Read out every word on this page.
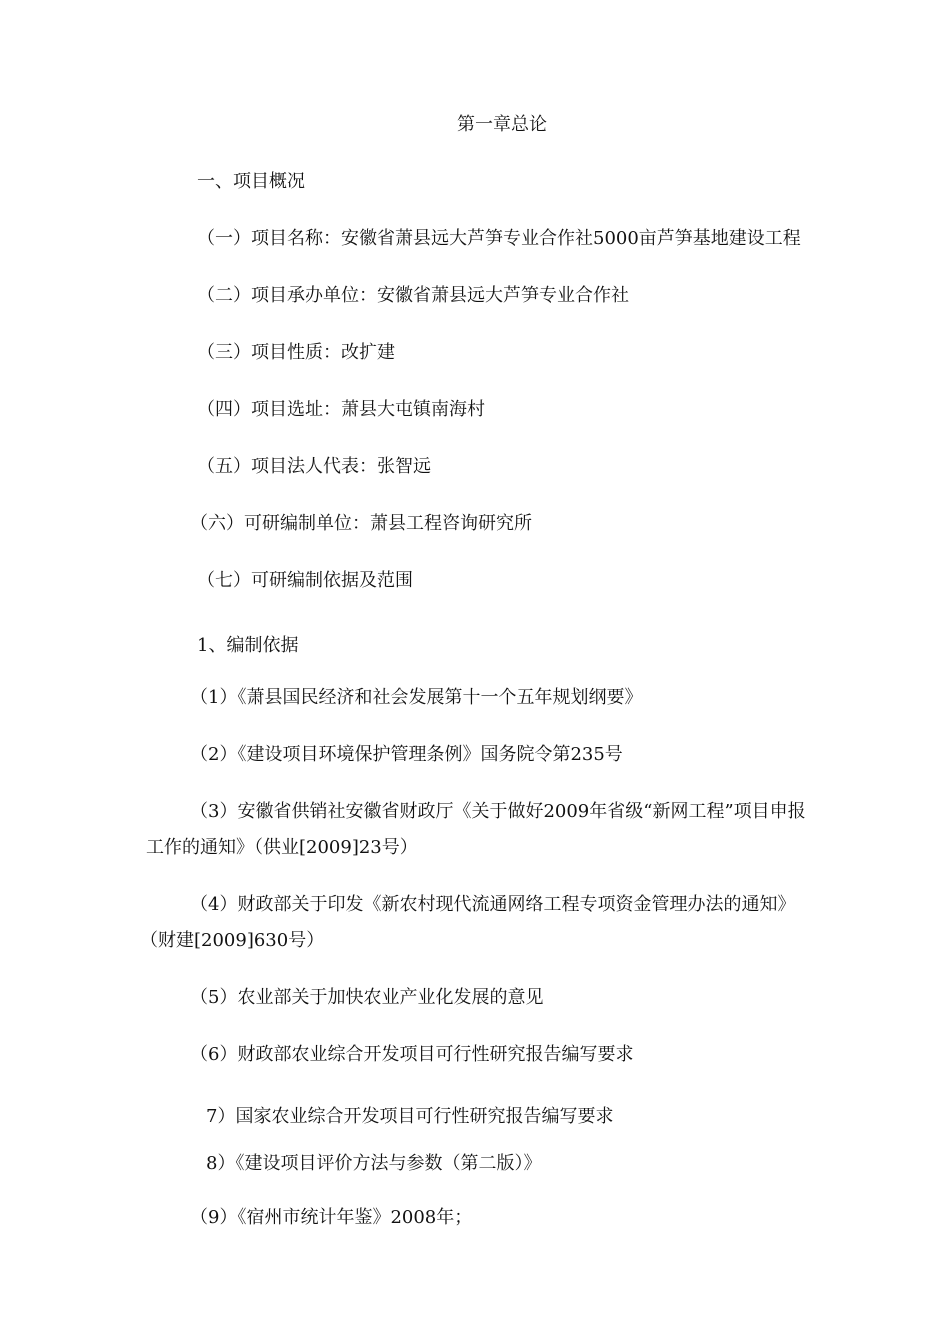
第一章总论
一、项目概况
（一）项目名称：安徽省萧县远大芦笋专业合作社5000亩芦笋基地建设工程
（二）项目承办单位：安徽省萧县远大芦笋专业合作社
（三）项目性质：改扩建
（四）项目选址：萧县大屯镇南海村
（五）项目法人代表：张智远
（六）可研编制单位：萧县工程咨询研究所
（七）可研编制依据及范围
1、编制依据
（1）《萧县国民经济和社会发展第十一个五年规划纲要》
（2）《建设项目环境保护管理条例》国务院令第235号
（3）安徽省供销社安徽省财政厅《关于做好2009年省级“新网工程”项目申报
工作的通知》（供业[2009]23号）
（4）财政部关于印发《新农村现代流通网络工程专项资金管理办法的通知》
（财建[2009]630号）
（5）农业部关于加快农业产业化发展的意见
（6）财政部农业综合开发项目可行性研究报告编写要求
7）国家农业综合开发项目可行性研究报告编写要求
8）《建设项目评价方法与参数（第二版）》
（9）《宿州市统计年鉴》2008年；
